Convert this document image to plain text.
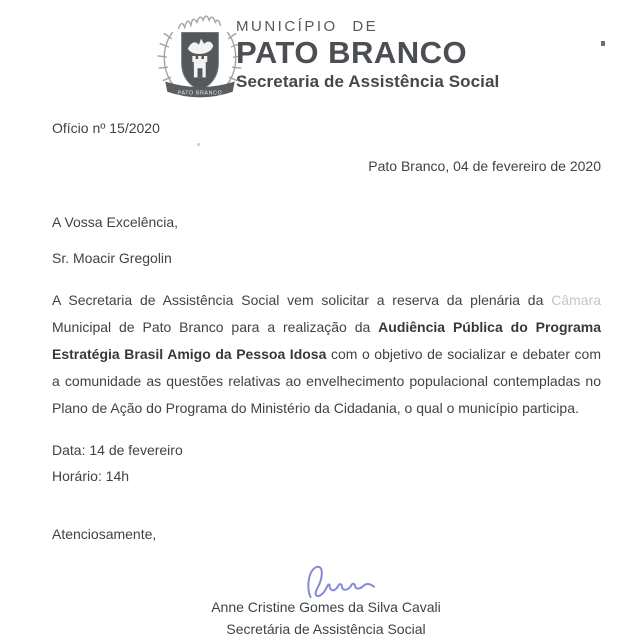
PATO BRANCO
MUNICÍPIO DE
PATO BRANCO
Secretaria de Assistência Social
Ofício nº 15/2020
Pato Branco, 04 de fevereiro de 2020
A Vossa Excelência,
Sr. Moacir Gregolin
A Secretaria de Assistência Social vem solicitar a reserva da plenária da Câmara Municipal de Pato Branco para a realização da Audiência Pública do Programa Estratégia Brasil Amigo da Pessoa Idosa com o objetivo de socializar e debater com a comunidade as questões relativas ao envelhecimento populacional contempladas no Plano de Ação do Programa do Ministério da Cidadania, o qual o município participa.
Data: 14 de fevereiro
Horário: 14h
Atenciosamente,
Anne Cristine Gomes da Silva Cavali
Secretária de Assistência Social
